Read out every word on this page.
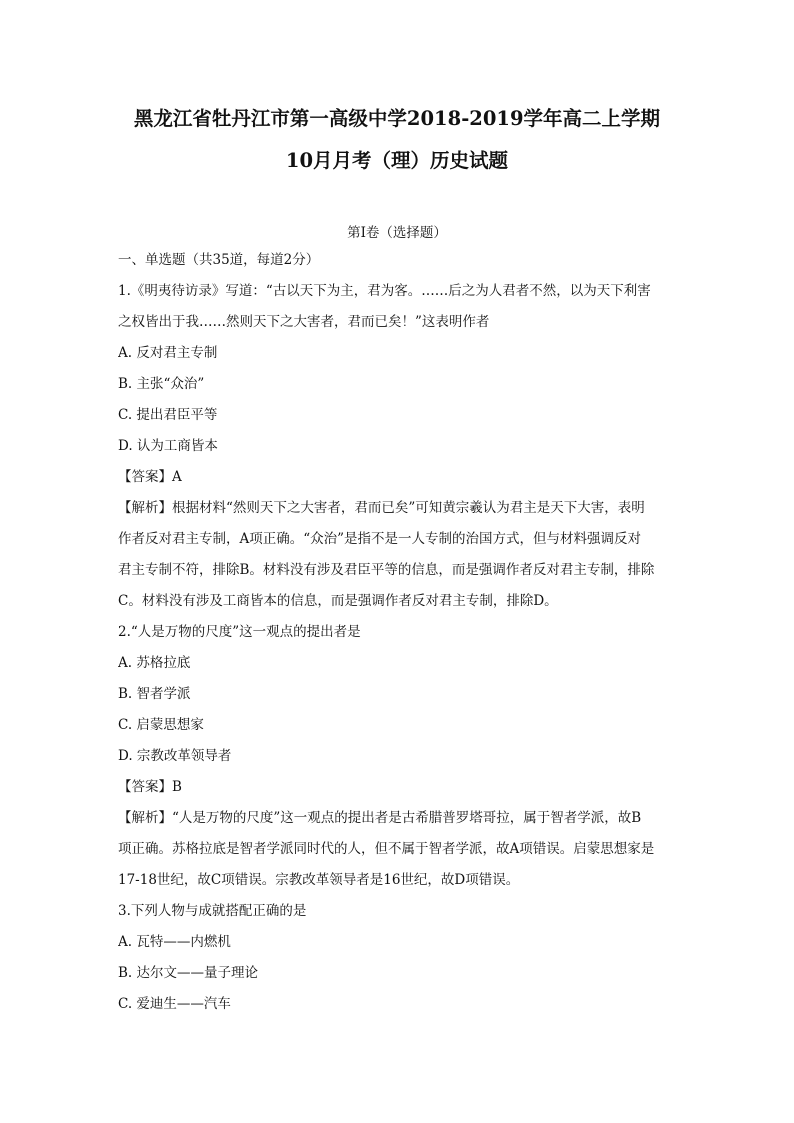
黑龙江省牡丹江市第一高级中学2018-2019学年高二上学期
10月月考（理）历史试题
第I卷（选择题）
一、单选题（共35道，每道2分）
1.《明夷待访录》写道：“古以天下为主，君为客。……后之为人君者不然，以为天下利害
之权皆出于我……然则天下之大害者，君而已矣！”这表明作者
A. 反对君主专制
B. 主张“众治”
C. 提出君臣平等
D. 认为工商皆本
【答案】A
【解析】根据材料“然则天下之大害者，君而已矣”可知黄宗羲认为君主是天下大害，表明
作者反对君主专制，A项正确。“众治”是指不是一人专制的治国方式，但与材料强调反对
君主专制不符，排除B。材料没有涉及君臣平等的信息，而是强调作者反对君主专制，排除
C。材料没有涉及工商皆本的信息，而是强调作者反对君主专制，排除D。
2.“人是万物的尺度”这一观点的提出者是
A. 苏格拉底
B. 智者学派
C. 启蒙思想家
D. 宗教改革领导者
【答案】B
【解析】“人是万物的尺度”这一观点的提出者是古希腊普罗塔哥拉，属于智者学派，故B
项正确。苏格拉底是智者学派同时代的人，但不属于智者学派，故A项错误。启蒙思想家是
17-18世纪，故C项错误。宗教改革领导者是16世纪，故D项错误。
3.下列人物与成就搭配正确的是
A. 瓦特——内燃机
B. 达尔文——量子理论
C. 爱迪生——汽车
